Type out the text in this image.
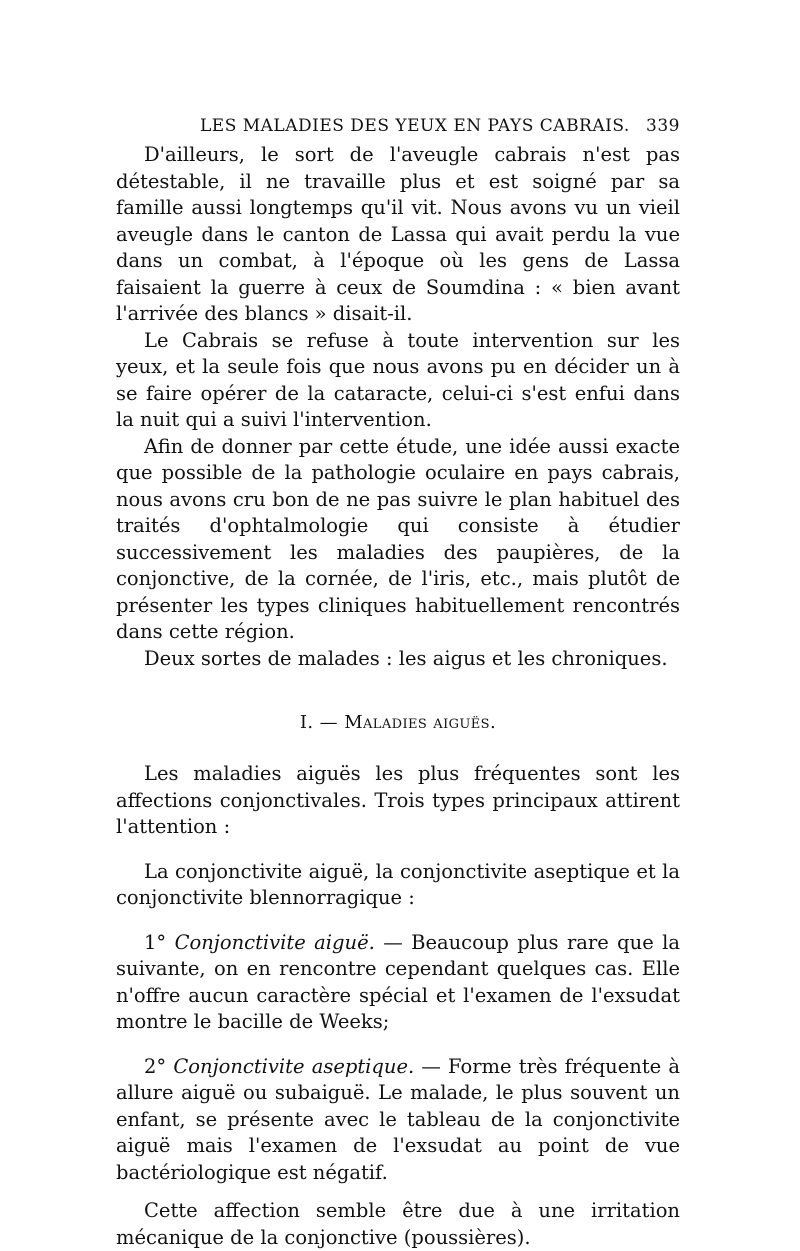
LES MALADIES DES YEUX EN PAYS CABRAIS. 339

D'ailleurs, le sort de l'aveugle cabrais n'est pas détestable, il ne travaille plus et est soigné par sa famille aussi longtemps qu'il vit. Nous avons vu un vieil aveugle dans le canton de Lassa qui avait perdu la vue dans un combat, à l'époque où les gens de Lassa faisaient la guerre à ceux de Soumdina : « bien avant l'arrivée des blancs » disait-il.

Le Cabrais se refuse à toute intervention sur les yeux, et la seule fois que nous avons pu en décider un à se faire opérer de la cataracte, celui-ci s'est enfui dans la nuit qui a suivi l'intervention.

Afin de donner par cette étude, une idée aussi exacte que possible de la pathologie oculaire en pays cabrais, nous avons cru bon de ne pas suivre le plan habituel des traités d'ophtalmologie qui consiste à étudier successivement les maladies des paupières, de la conjonctive, de la cornée, de l'iris, etc., mais plutôt de présenter les types cliniques habituellement rencontrés dans cette région.

Deux sortes de malades : les aigus et les chroniques.

I. — Maladies aiguës.

Les maladies aiguës les plus fréquentes sont les affections conjonctivales. Trois types principaux attirent l'attention :

La conjonctivite aiguë, la conjonctivite aseptique et la conjonctivite blennorragique :

1° Conjonctivite aiguë. — Beaucoup plus rare que la suivante, on en rencontre cependant quelques cas. Elle n'offre aucun caractère spécial et l'examen de l'exsudat montre le bacille de Weeks;

2° Conjonctivite aseptique. — Forme très fréquente à allure aiguë ou subaiguë. Le malade, le plus souvent un enfant, se présente avec le tableau de la conjonctivite aiguë mais l'examen de l'exsudat au point de vue bactériologique est négatif.

Cette affection semble être due à une irritation mécanique de la conjonctive (poussières).
